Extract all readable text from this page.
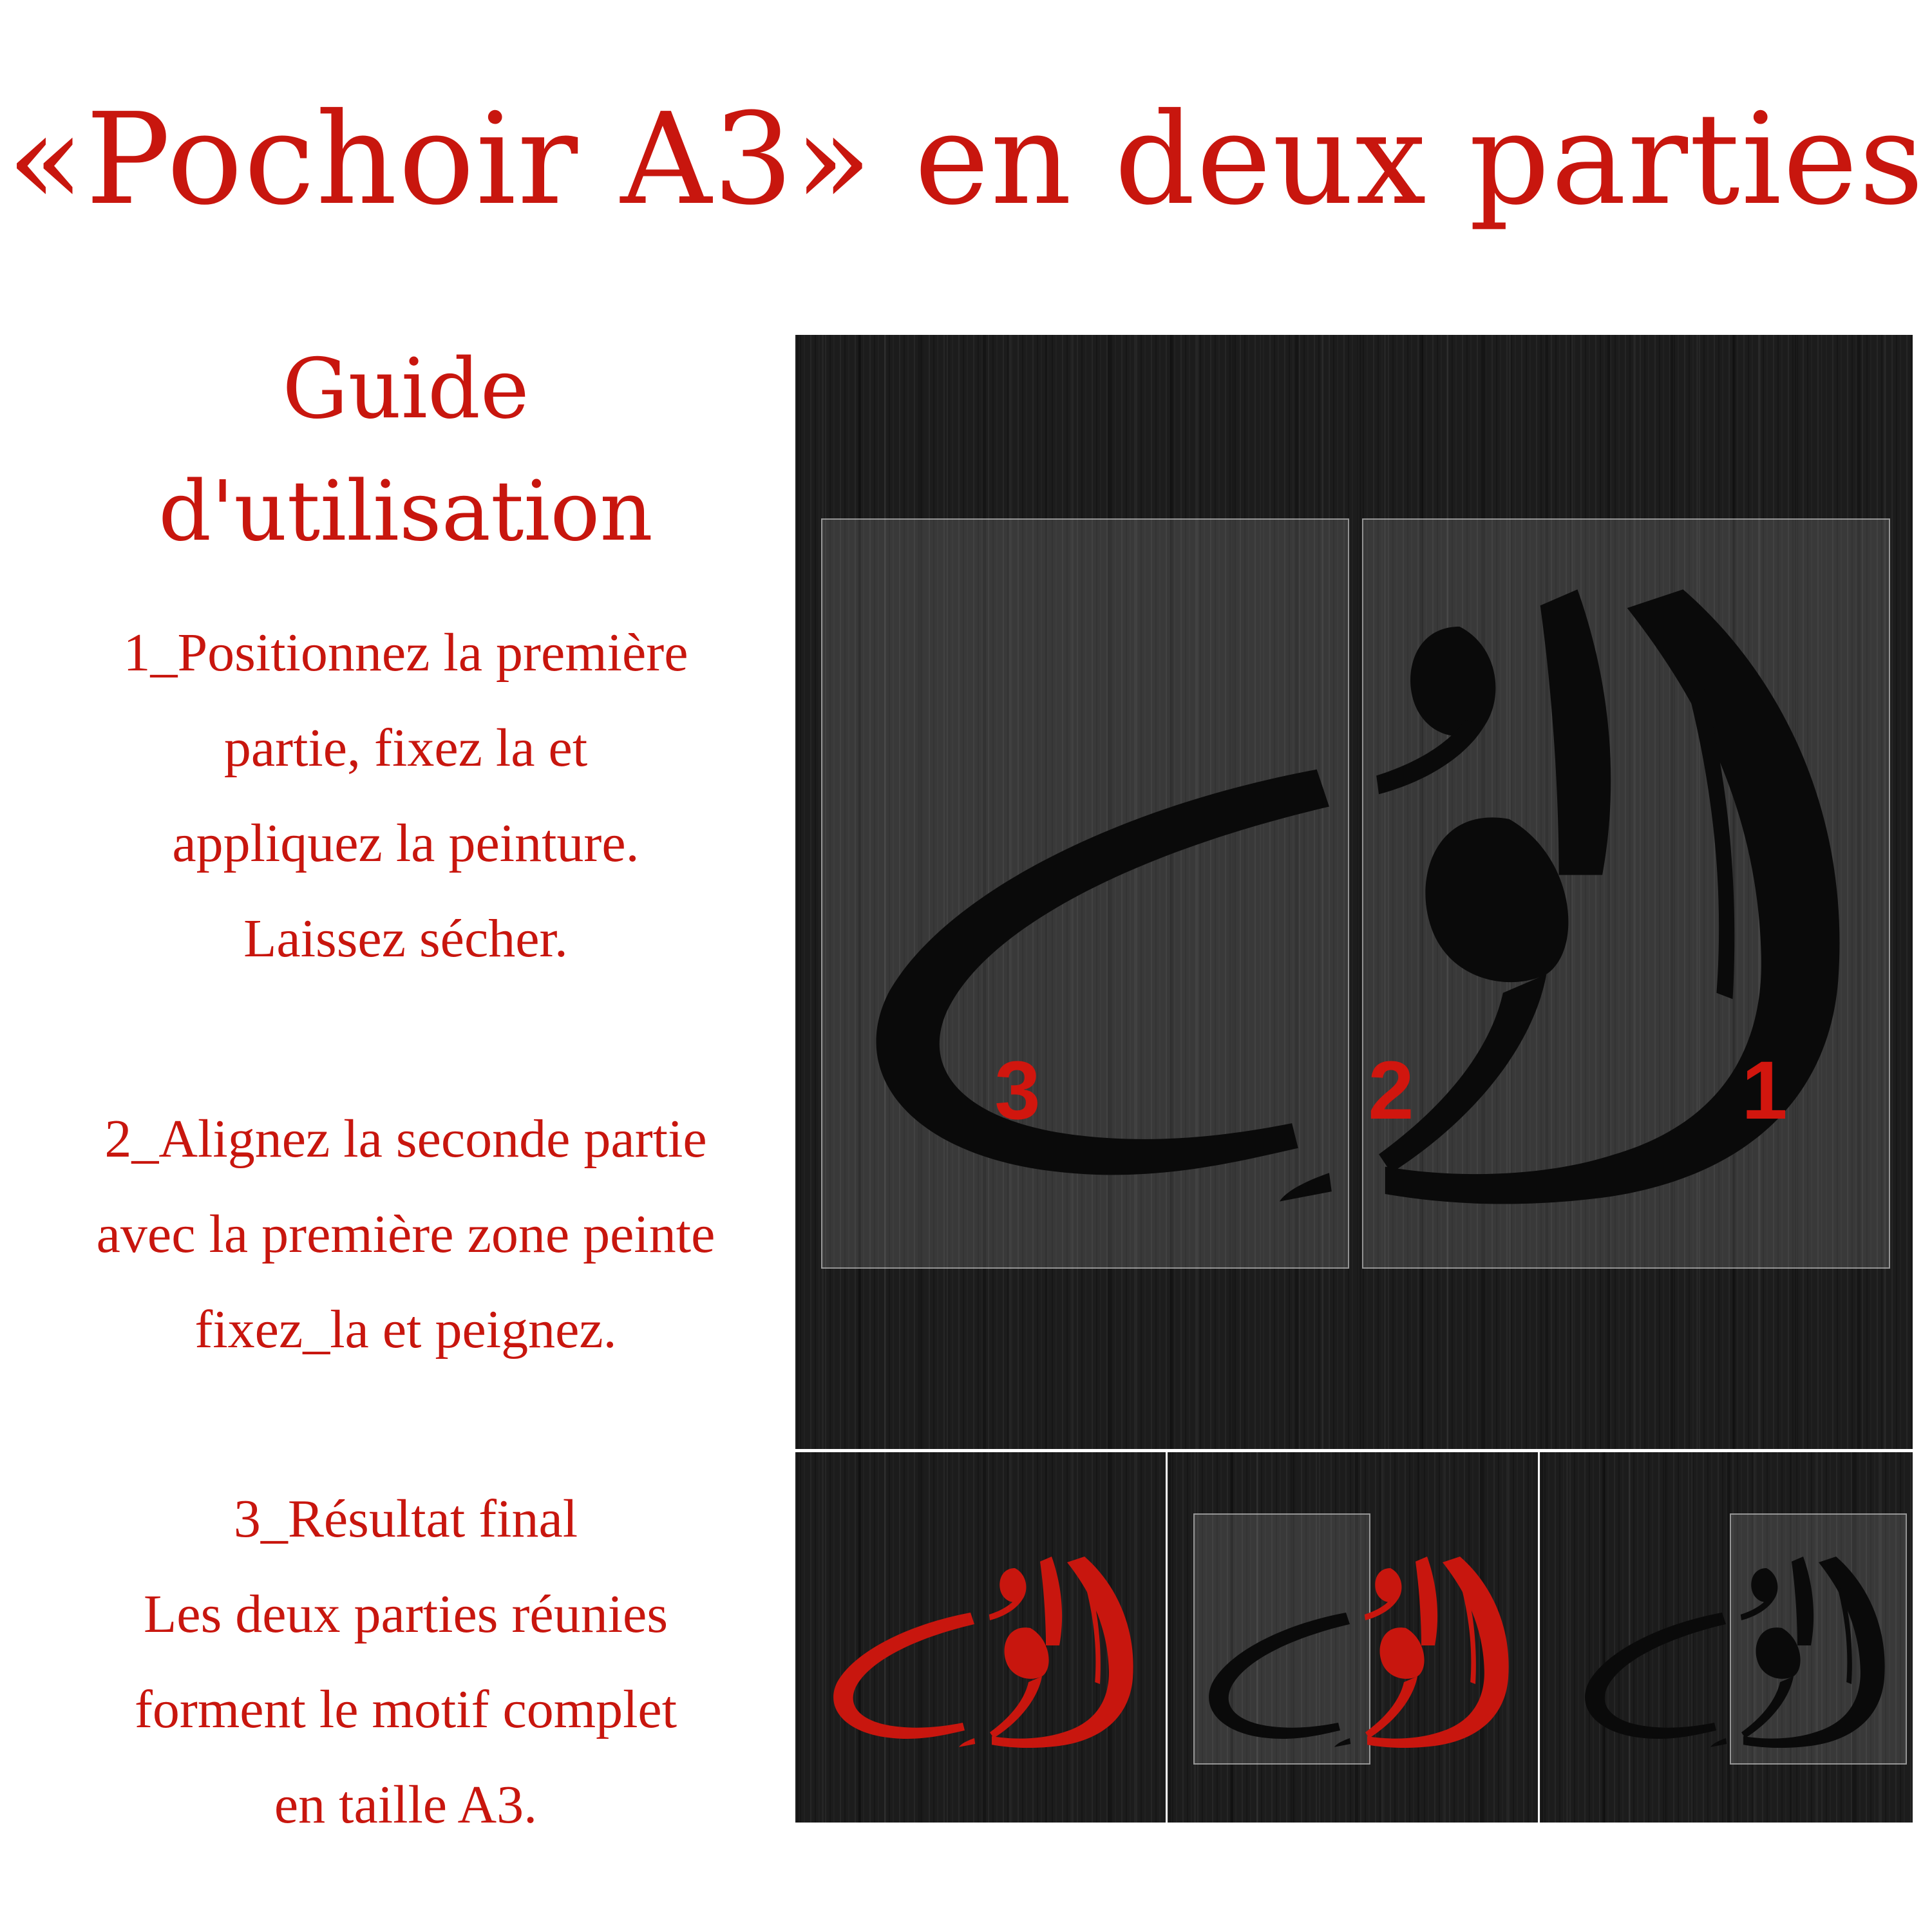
«Pochoir A3» en deux parties
Guide
d'utilisation
1_Positionnez la première
partie, fixez la et
appliquez la peinture.
Laissez sécher.
2_Alignez la seconde partie
avec la première zone peinte
fixez_la et peignez.
3_Résultat final
Les deux parties réunies
forment le motif complet
en taille A3.
3	2	1
